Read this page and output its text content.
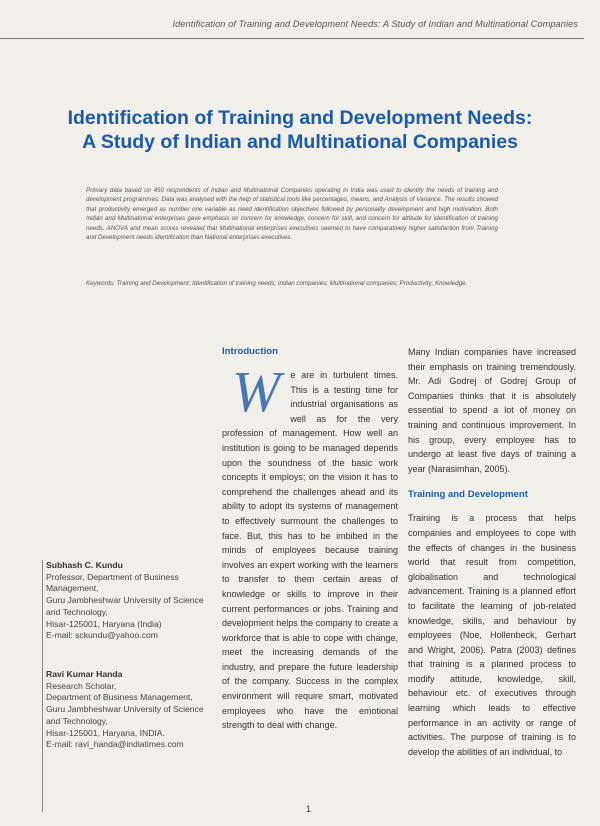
Identification of Training and Development Needs: A Study of Indian and Multinational Companies
Identification of Training and Development Needs:
A Study of Indian and Multinational Companies
Primary data based on 450 respondents of Indian and Multinational Companies operating in India was used to identify the needs of training and development programmes. Data was analysed with the help of statistical tools like percentages, means, and Analysis of Variance. The results showed that productivity emerged as number one variable as need identification objectives followed by personality development and high motivation. Both Indian and Multinational enterprises gave emphasis on concern for knowledge, concern for skill, and concern for attitude for identification of training needs. ANOVA and mean scores revealed that Multinational enterprises executives seemed to have comparatively higher satisfaction from Training and Development needs identification than National enterprises executives.
Keywords: Training and Development; Identification of training needs; Indian companies; Multinational companies; Productivity; Knowledge.
Subhash C. Kundu
Professor, Department of Business Management,
Guru Jambheshwar University of Science and Technology,
Hisar-125001, Haryana (India)
E-mail: sckundu@yahoo.com
Ravi Kumar Handa
Research Scholar,
Department of Business Management,
Guru Jambheshwar University of Science and Technology,
Hisar-125001, Haryana, INDIA.
E-mail: ravi_handa@indiatimes.com

Introduction

W	e are in turbulent times. This is a testing time for industrial organisations as well as for the very profession of management. How well an institution is going to be managed depends upon the soundness of the basic work concepts it employs; on the vision it has to comprehend the challenges ahead and its ability to adopt its systems of management to effectively surmount the challenges to face. But, this has to be imbibed in the minds of employees because training involves an expert working with the learners to transfer to them certain areas of knowledge or skills to improve in their current performances or jobs. Training and development helps the company to create a workforce that is able to cope with change, meet the increasing demands of the industry, and prepare the future leadership of the company. Success in the complex environment will require smart, motivated employees who have the emotional strength to deal with change.

Many Indian companies have increased their emphasis on training tremendously. Mr. Adi Godrej of Godrej Group of Companies thinks that it is absolutely essential to spend a lot of money on training and continuous improvement. In his group, every employee has to undergo at least five days of training a year (Narasimhan, 2005).

Training and Development

Training is a process that helps companies and employees to cope with the effects of changes in the business world that result from competition, globalisation and technological advancement. Training is a planned effort to facilitate the learning of job-related knowledge, skills, and behaviour by employees (Noe, Hollenbeck, Gerhart and Wright, 2006). Patra (2003) defines that training is a planned process to modify attitude, knowledge, skill, behaviour etc. of executives through learning which leads to effective performance in an activity or range of activities. The purpose of training is to develop the abilities of an individual, to

1
